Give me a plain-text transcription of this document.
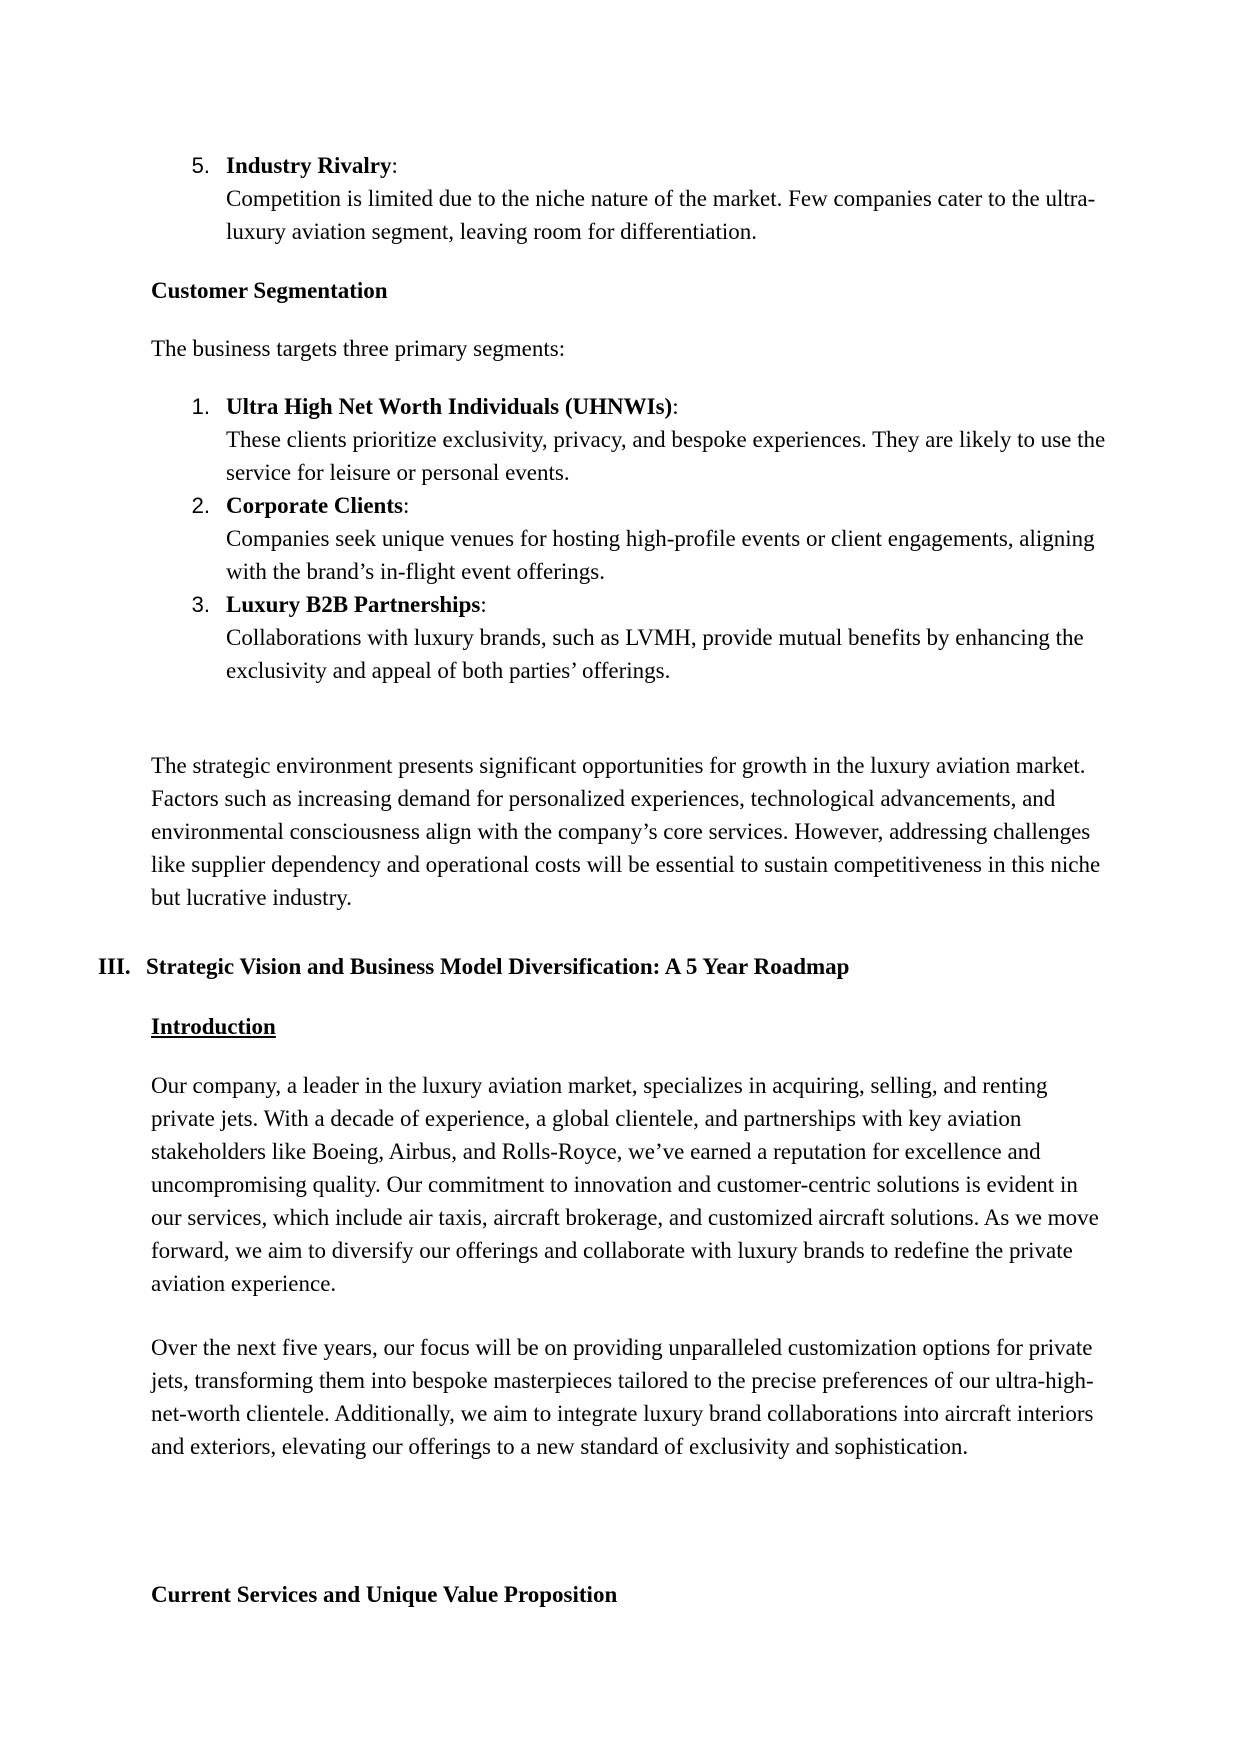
5. Industry Rivalry:
Competition is limited due to the niche nature of the market. Few companies cater to the ultra-luxury aviation segment, leaving room for differentiation.
Customer Segmentation
The business targets three primary segments:
1. Ultra High Net Worth Individuals (UHNWIs):
These clients prioritize exclusivity, privacy, and bespoke experiences. They are likely to use the service for leisure or personal events.
2. Corporate Clients:
Companies seek unique venues for hosting high-profile events or client engagements, aligning with the brand’s in-flight event offerings.
3. Luxury B2B Partnerships:
Collaborations with luxury brands, such as LVMH, provide mutual benefits by enhancing the exclusivity and appeal of both parties’ offerings.
The strategic environment presents significant opportunities for growth in the luxury aviation market. Factors such as increasing demand for personalized experiences, technological advancements, and environmental consciousness align with the company’s core services. However, addressing challenges like supplier dependency and operational costs will be essential to sustain competitiveness in this niche but lucrative industry.
III. Strategic Vision and Business Model Diversification: A 5 Year Roadmap
Introduction
Our company, a leader in the luxury aviation market, specializes in acquiring, selling, and renting private jets. With a decade of experience, a global clientele, and partnerships with key aviation stakeholders like Boeing, Airbus, and Rolls-Royce, we’ve earned a reputation for excellence and uncompromising quality. Our commitment to innovation and customer-centric solutions is evident in our services, which include air taxis, aircraft brokerage, and customized aircraft solutions. As we move forward, we aim to diversify our offerings and collaborate with luxury brands to redefine the private aviation experience.
Over the next five years, our focus will be on providing unparalleled customization options for private jets, transforming them into bespoke masterpieces tailored to the precise preferences of our ultra-high-net-worth clientele. Additionally, we aim to integrate luxury brand collaborations into aircraft interiors and exteriors, elevating our offerings to a new standard of exclusivity and sophistication.
Current Services and Unique Value Proposition
